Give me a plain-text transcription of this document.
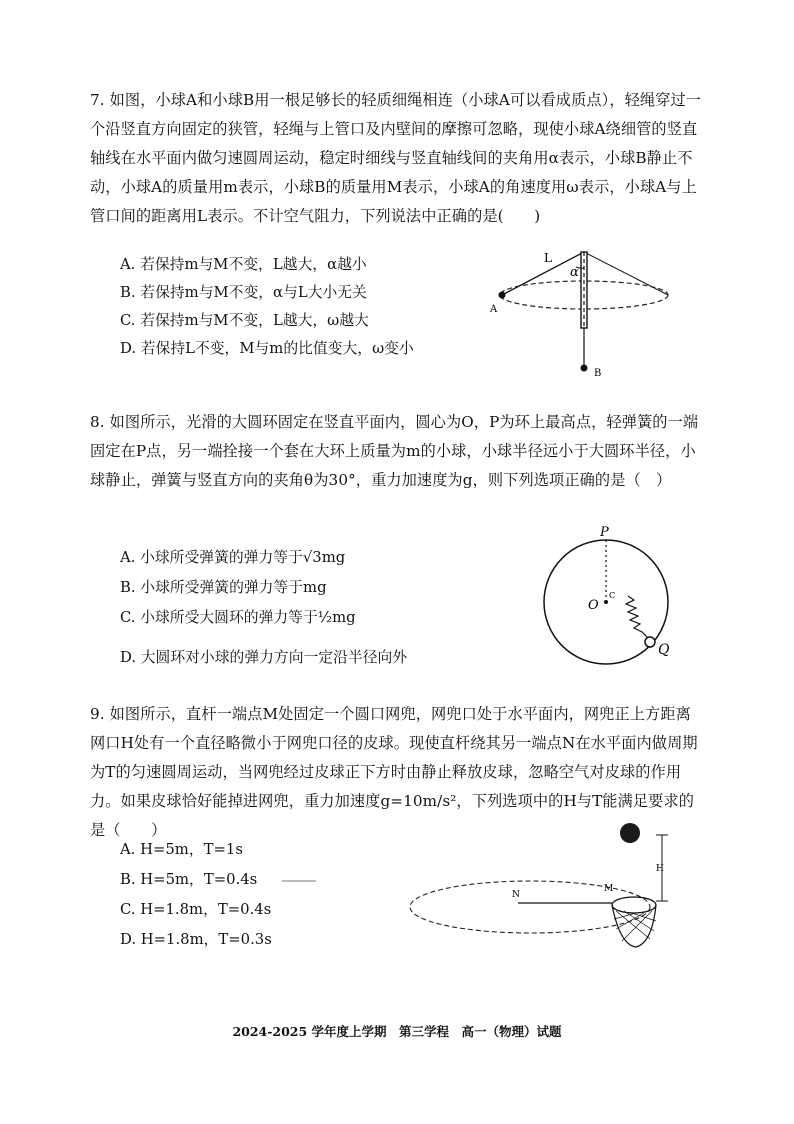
7. 如图，小球A和小球B用一根足够长的轻质细绳相连（小球A可以看成质点），轻绳穿过一个沿竖直方向固定的狭管，轻绳与上管口及内壁间的摩擦可忽略，现使小球A绕细管的竖直轴线在水平面内做匀速圆周运动，稳定时细线与竖直轴线间的夹角用α表示，小球B静止不动，小球A的质量用m表示，小球B的质量用M表示，小球A的角速度用ω表示，小球A与上管口间的距离用L表示。不计空气阻力，下列说法中正确的是(　　)
A. 若保持m与M不变，L越大，α越小
B. 若保持m与M不变，α与L大小无关
C. 若保持m与M不变，L越大，ω越大
D. 若保持L不变，M与m的比值变大，ω变小
L
α
A
B
8. 如图所示，光滑的大圆环固定在竖直平面内，圆心为O，P为环上最高点，轻弹簧的一端固定在P点，另一端拴接一个套在大环上质量为m的小球，小球半径远小于大圆环半径，小球静止，弹簧与竖直方向的夹角θ为30°，重力加速度为g，则下列选项正确的是（　）
A. 小球所受弹簧的弹力等于√3mg
B. 小球所受弹簧的弹力等于mg
C. 小球所受大圆环的弹力等于½mg
D. 大圆环对小球的弹力方向一定沿半径向外
P
C
O
Q
9. 如图所示，直杆一端点M处固定一个圆口网兜，网兜口处于水平面内，网兜正上方距离网口H处有一个直径略微小于网兜口径的皮球。现使直杆绕其另一端点N在水平面内做周期为T的匀速圆周运动，当网兜经过皮球正下方时由静止释放皮球，忽略空气对皮球的作用力。如果皮球恰好能掉进网兜，重力加速度g=10m/s²，下列选项中的H与T能满足要求的是（　　）
A. H=5m，T=1s
B. H=5m，T=0.4s
C. H=1.8m，T=0.4s
D. H=1.8m，T=0.3s
H
N
M
2024-2025 学年度上学期　第三学程　高一（物理）试题
